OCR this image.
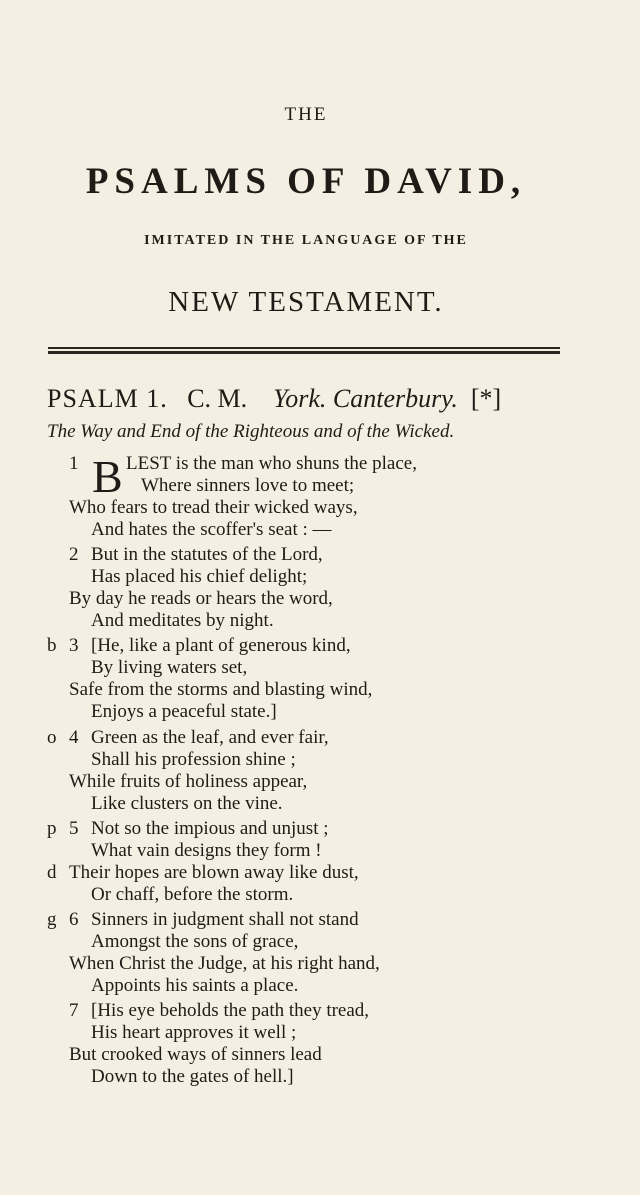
THE
PSALMS OF DAVID,
IMITATED IN THE LANGUAGE OF THE
NEW TESTAMENT.
PSALM 1. C. M. York. Canterbury. [*]
The Way and End of the Righteous and of the Wicked.
1 B LEST is the man who shuns the place,
Where sinners love to meet;
Who fears to tread their wicked ways,
And hates the scoffer's seat : —
2 But in the statutes of the Lord,
Has placed his chief delight;
By day he reads or hears the word,
And meditates by night.
b 3 [He, like a plant of generous kind,
By living waters set,
Safe from the storms and blasting wind,
Enjoys a peaceful state.]
o 4 Green as the leaf, and ever fair,
Shall his profession shine ;
While fruits of holiness appear,
Like clusters on the vine.
p 5 Not so the impious and unjust ;
What vain designs they form !
d Their hopes are blown away like dust,
Or chaff, before the storm.
g 6 Sinners in judgment shall not stand
Amongst the sons of grace,
When Christ the Judge, at his right hand,
Appoints his saints a place.
7 [His eye beholds the path they tread,
His heart approves it well ;
But crooked ways of sinners lead
Down to the gates of hell.]
